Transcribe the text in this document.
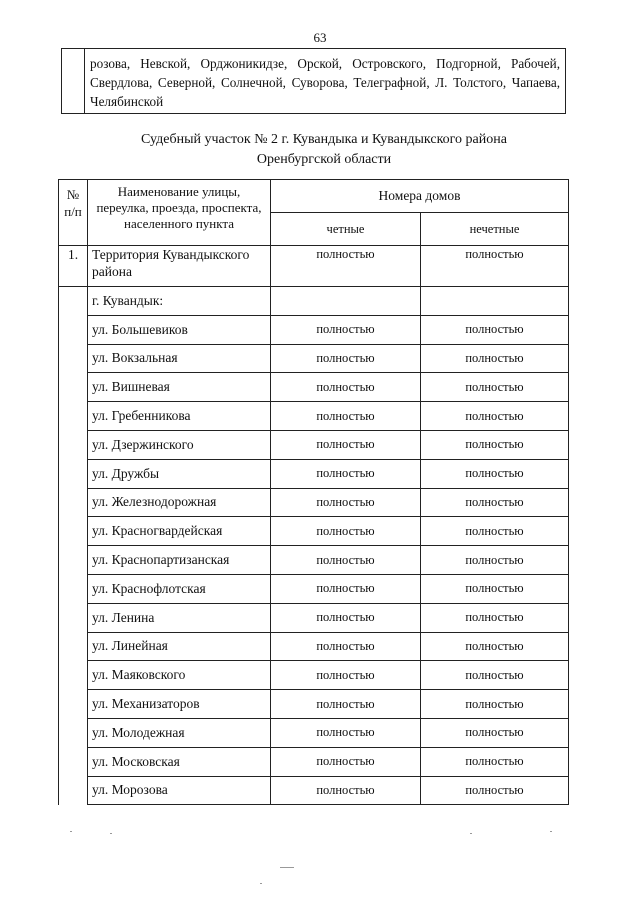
63
розова, Невской, Орджоникидзе, Орской, Островского, Подгорной, Рабочей, Свердлова, Северной, Солнечной, Суворова, Телеграфной, Л. Толстого, Чапаева, Челябинской
Судебный участок № 2 г. Кувандыка и Кувандыкского района
Оренбургской области
№ п/п	Наименование улицы, переулка, проезда, проспекта, населенного пункта	Номера домов	
		четные	нечетные
1.	Территория Кувандыкского района	полностью	полностью
	г. Кувандык:		
	ул. Большевиков	полностью	полностью
	ул. Вокзальная	полностью	полностью
	ул. Вишневая	полностью	полностью
	ул. Гребенникова	полностью	полностью
	ул. Дзержинского	полностью	полностью
	ул. Дружбы	полностью	полностью
	ул. Железнодорожная	полностью	полностью
	ул. Красногвардейская	полностью	полностью
	ул. Краснопартизанская	полностью	полностью
	ул. Краснофлотская	полностью	полностью
	ул. Ленина	полностью	полностью
	ул. Линейная	полностью	полностью
	ул. Маяковского	полностью	полностью
	ул. Механизаторов	полностью	полностью
	ул. Молодежная	полностью	полностью
	ул. Московская	полностью	полностью
	ул. Морозова	полностью	полностью
